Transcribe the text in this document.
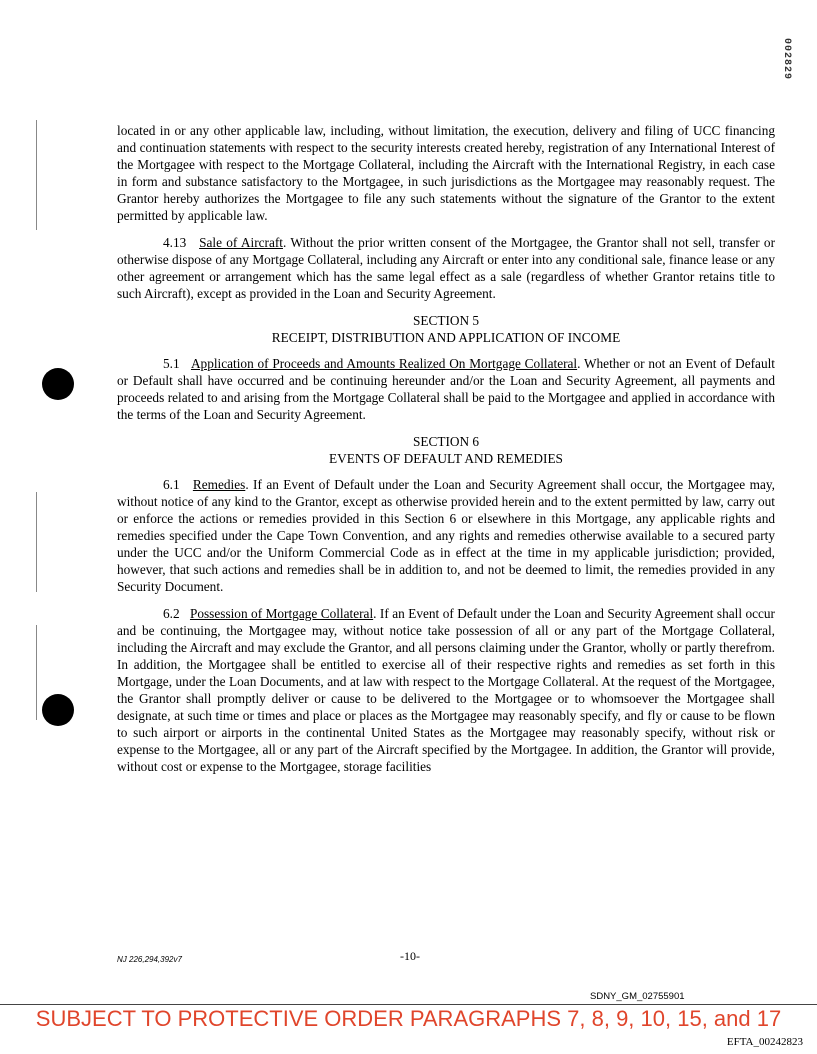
002829

located in or any other applicable law, including, without limitation, the execution, delivery and filing of UCC financing and continuation statements with respect to the security interests created hereby, registration of any International Interest of the Mortgagee with respect to the Mortgage Collateral, including the Aircraft with the International Registry, in each case in form and substance satisfactory to the Mortgagee, in such jurisdictions as the Mortgagee may reasonably request. The Grantor hereby authorizes the Mortgagee to file any such statements without the signature of the Grantor to the extent permitted by applicable law.

4.13 Sale of Aircraft. Without the prior written consent of the Mortgagee, the Grantor shall not sell, transfer or otherwise dispose of any Mortgage Collateral, including any Aircraft or enter into any conditional sale, finance lease or any other agreement or arrangement which has the same legal effect as a sale (regardless of whether Grantor retains title to such Aircraft), except as provided in the Loan and Security Agreement.

SECTION 5
RECEIPT, DISTRIBUTION AND APPLICATION OF INCOME

5.1 Application of Proceeds and Amounts Realized On Mortgage Collateral. Whether or not an Event of Default or Default shall have occurred and be continuing hereunder and/or the Loan and Security Agreement, all payments and proceeds related to and arising from the Mortgage Collateral shall be paid to the Mortgagee and applied in accordance with the terms of the Loan and Security Agreement.

SECTION 6
EVENTS OF DEFAULT AND REMEDIES

6.1 Remedies. If an Event of Default under the Loan and Security Agreement shall occur, the Mortgagee may, without notice of any kind to the Grantor, except as otherwise provided herein and to the extent permitted by law, carry out or enforce the actions or remedies provided in this Section 6 or elsewhere in this Mortgage, any applicable rights and remedies specified under the Cape Town Convention, and any rights and remedies otherwise available to a secured party under the UCC and/or the Uniform Commercial Code as in effect at the time in my applicable jurisdiction; provided, however, that such actions and remedies shall be in addition to, and not be deemed to limit, the remedies provided in any Security Document.

6.2 Possession of Mortgage Collateral. If an Event of Default under the Loan and Security Agreement shall occur and be continuing, the Mortgagee may, without notice take possession of all or any part of the Mortgage Collateral, including the Aircraft and may exclude the Grantor, and all persons claiming under the Grantor, wholly or partly therefrom. In addition, the Mortgagee shall be entitled to exercise all of their respective rights and remedies as set forth in this Mortgage, under the Loan Documents, and at law with respect to the Mortgage Collateral. At the request of the Mortgagee, the Grantor shall promptly deliver or cause to be delivered to the Mortgagee or to whomsoever the Mortgagee shall designate, at such time or times and place or places as the Mortgagee may reasonably specify, and fly or cause to be flown to such airport or airports in the continental United States as the Mortgagee may reasonably specify, without risk or expense to the Mortgagee, all or any part of the Aircraft specified by the Mortgagee. In addition, the Grantor will provide, without cost or expense to the Mortgagee, storage facilities

NJ 226,294,392v7	-10-
SDNY_GM_02755901
SUBJECT TO PROTECTIVE ORDER PARAGRAPHS 7, 8, 9, 10, 15, and 17
EFTA_00242823
